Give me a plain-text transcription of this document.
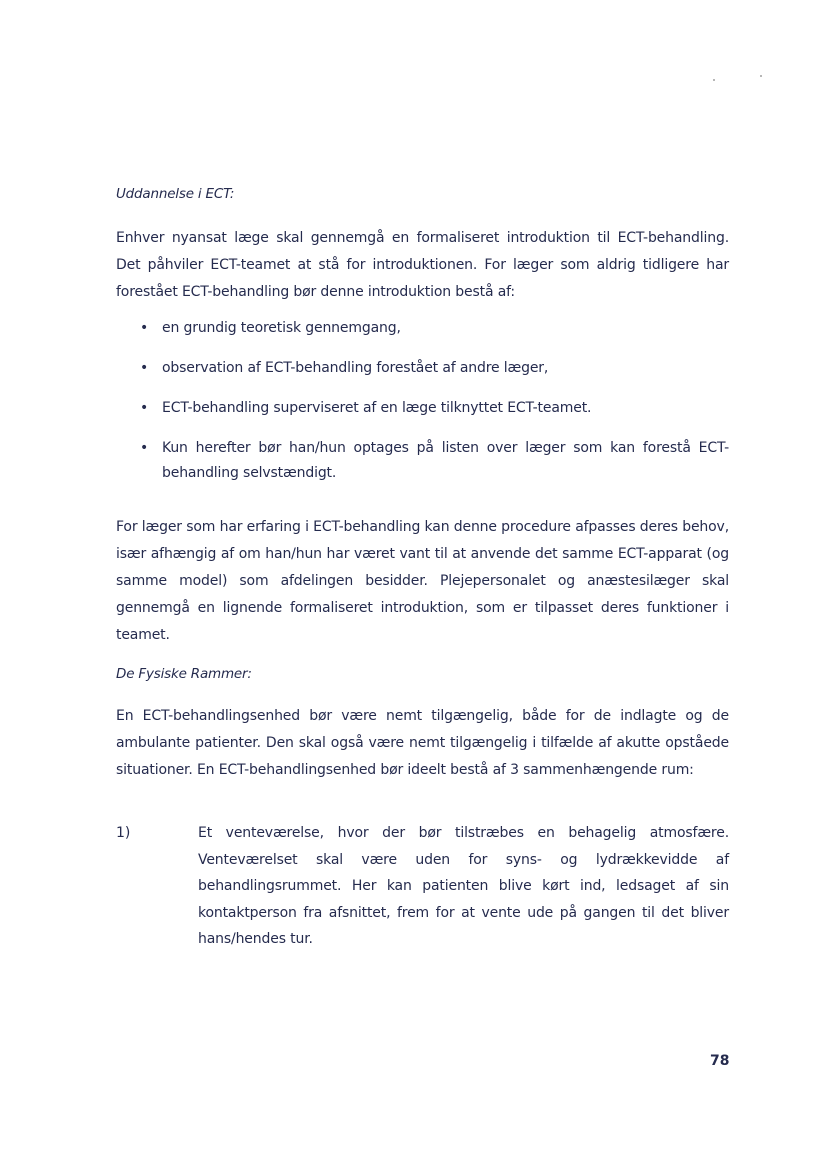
Uddannelse i ECT:

Enhver nyansat læge skal gennemgå en formaliseret introduktion til ECT-behandling. Det påhviler ECT-teamet at stå for introduktionen. For læger som aldrig tidligere har forestået ECT-behandling bør denne introduktion bestå af:

• en grundig teoretisk gennemgang,
• observation af ECT-behandling forestået af andre læger,
• ECT-behandling superviseret af en læge tilknyttet ECT-teamet.
• Kun herefter bør han/hun optages på listen over læger som kan forestå ECT-behandling selvstændigt.

For læger som har erfaring i ECT-behandling kan denne procedure afpasses deres behov, især afhængig af om han/hun har været vant til at anvende det samme ECT-apparat (og samme model) som afdelingen besidder. Plejepersonalet og anæstesilæger skal gennemgå en lignende formaliseret introduktion, som er tilpasset deres funktioner i teamet.

De Fysiske Rammer:

En ECT-behandlingsenhed bør være nemt tilgængelig, både for de indlagte og de ambulante patienter. Den skal også være nemt tilgængelig i tilfælde af akutte opståede situationer. En ECT-behandlingsenhed bør ideelt bestå af 3 sammenhængende rum:

1)	Et venteværelse, hvor der bør tilstræbes en behagelig atmosfære. Venteværelset skal være uden for syns- og lydrækkevidde af behandlingsrummet. Her kan patienten blive kørt ind, ledsaget af sin kontaktperson fra afsnittet, frem for at vente ude på gangen til det bliver hans/hendes tur.

78
